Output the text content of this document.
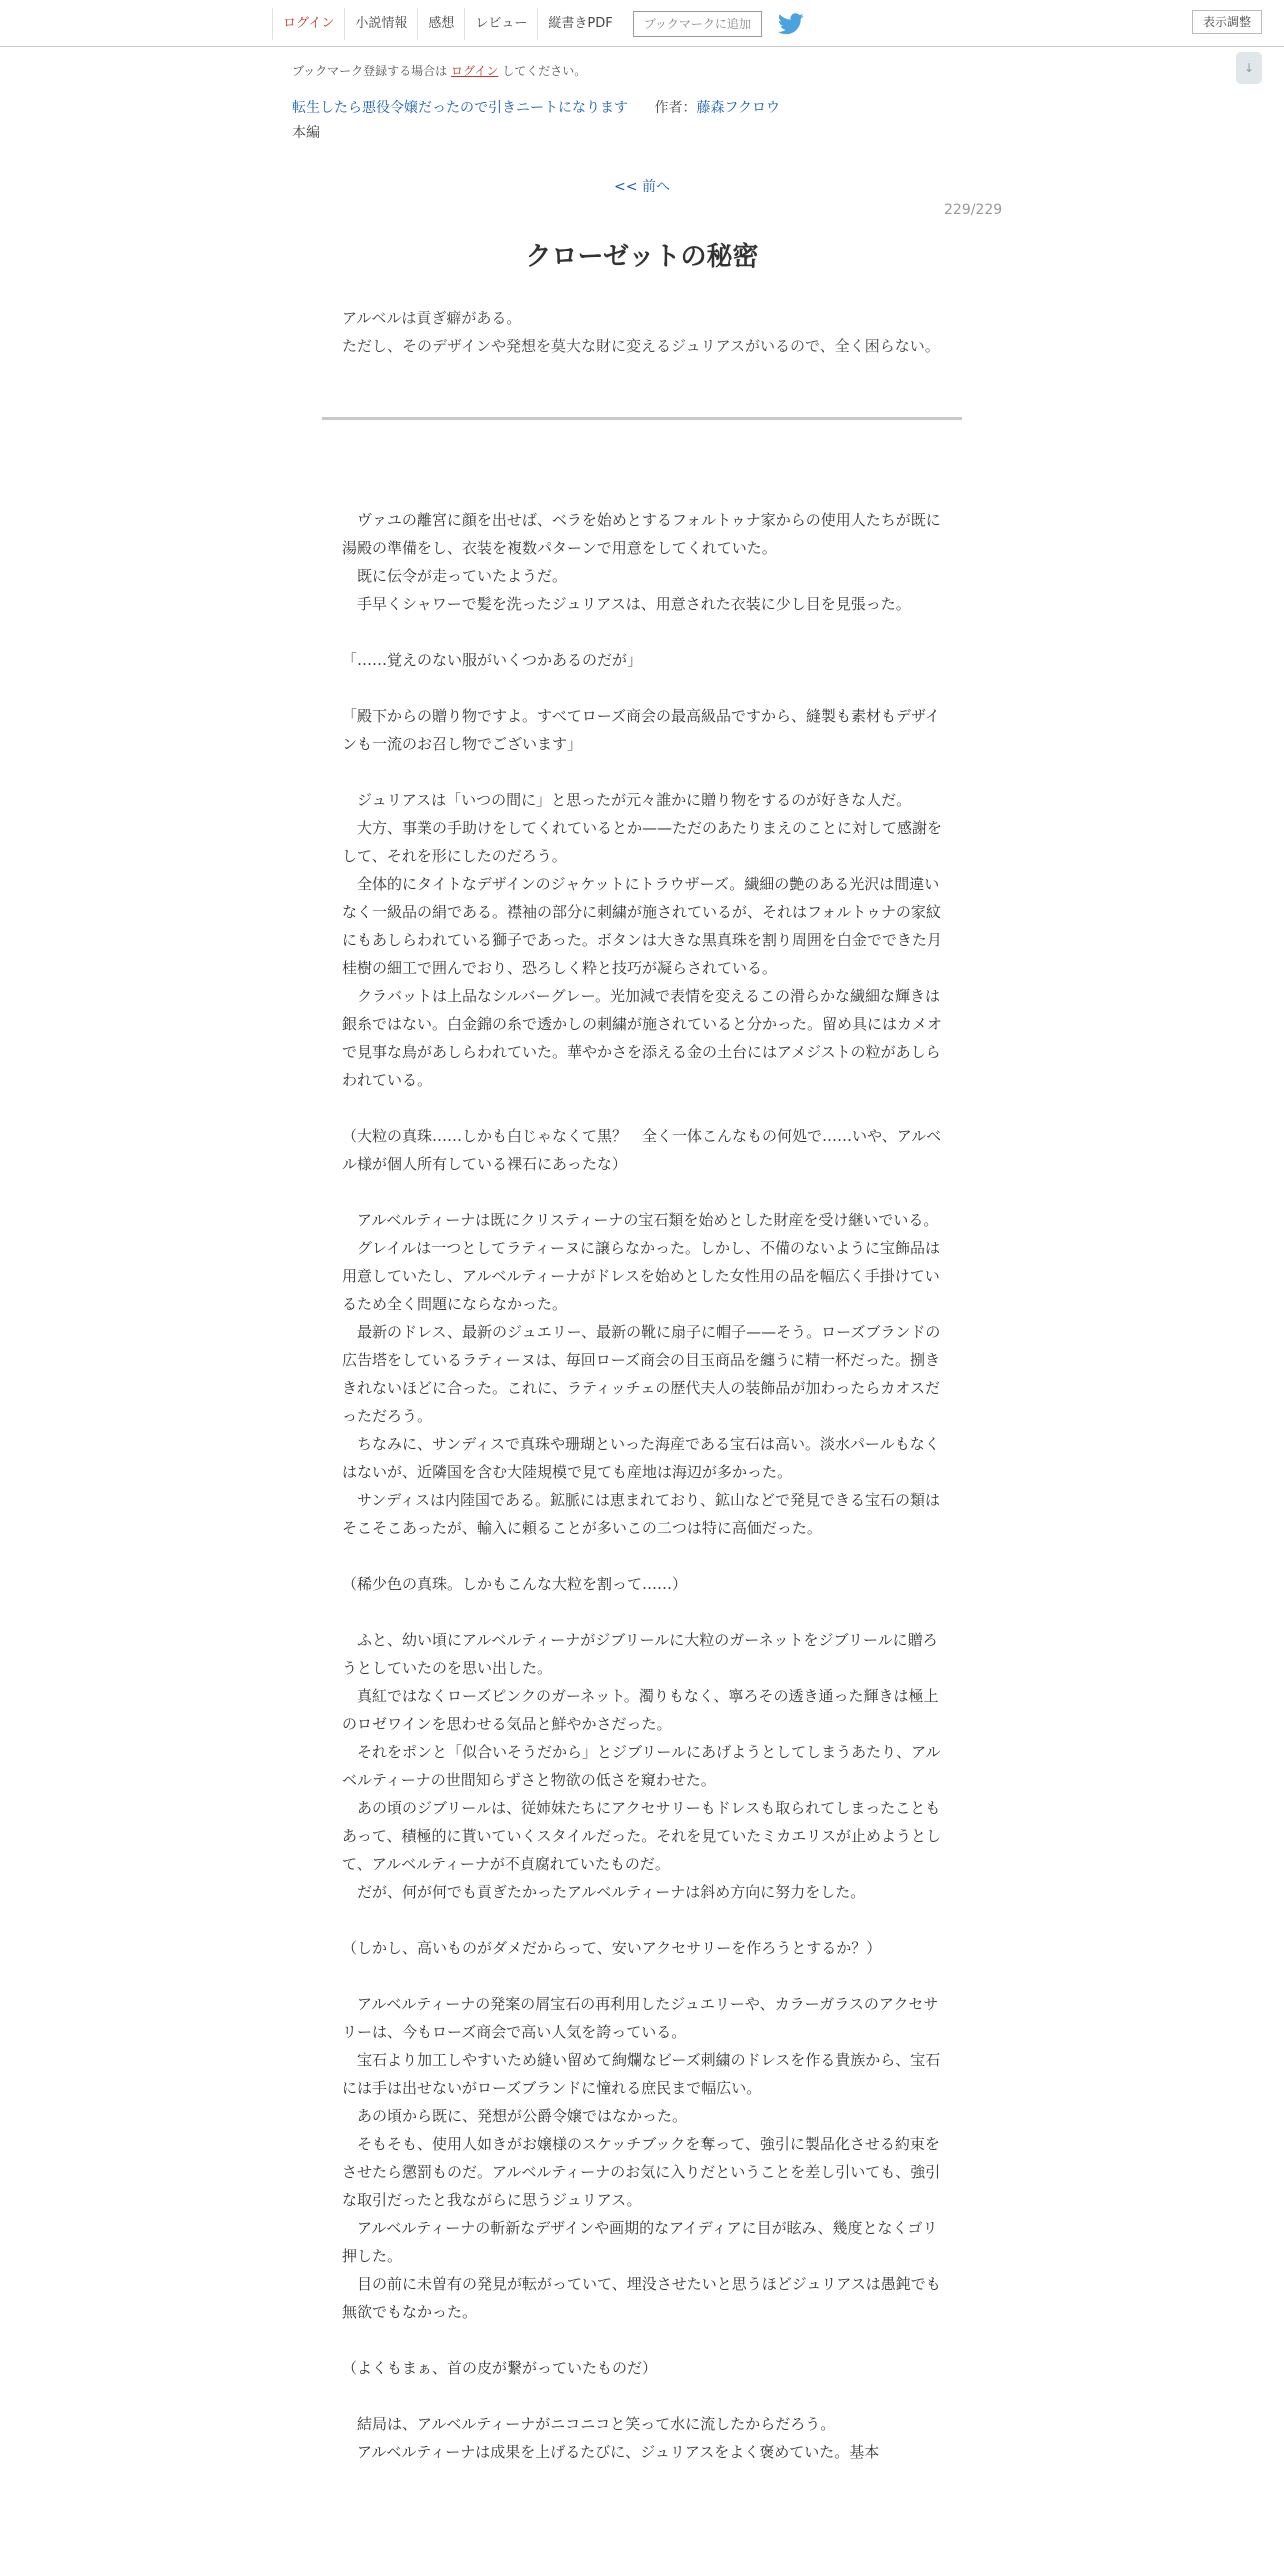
ログイン	小説情報	感想	レビュー	縦書きPDF	ブックマークに追加	表示調整
↓
ブックマーク登録する場合は ログイン してください。
転生したら悪役令嬢だったので引きニートになります 作者：藤森フクロウ
本編
<< 前へ
229/229
クローゼットの秘密

アルベルは貢ぎ癖がある。

ただし、そのデザインや発想を莫大な財に変えるジュリアスがいるので、全く困らない。

　ヴァユの離宮に顔を出せば、ベラを始めとするフォルトゥナ家からの使用人たちが既に湯殿の準備をし、衣装を複数パターンで用意をしてくれていた。

　既に伝令が走っていたようだ。

　手早くシャワーで髪を洗ったジュリアスは、用意された衣装に少し目を見張った。

「……覚えのない服がいくつかあるのだが」

「殿下からの贈り物ですよ。すべてローズ商会の最高級品ですから、縫製も素材もデザインも一流のお召し物でございます」

　ジュリアスは「いつの間に」と思ったが元々誰かに贈り物をするのが好きな人だ。

　大方、事業の手助けをしてくれているとか——ただのあたりまえのことに対して感謝をして、それを形にしたのだろう。

　全体的にタイトなデザインのジャケットにトラウザーズ。繊細の艶のある光沢は間違いなく一級品の絹である。襟袖の部分に刺繍が施されているが、それはフォルトゥナの家紋にもあしらわれている獅子であった。ボタンは大きな黒真珠を割り周囲を白金でできた月桂樹の細工で囲んでおり、恐ろしく粋と技巧が凝らされている。

　クラバットは上品なシルバーグレー。光加減で表情を変えるこの滑らかな繊細な輝きは銀糸ではない。白金錦の糸で透かしの刺繍が施されていると分かった。留め具にはカメオで見事な鳥があしらわれていた。華やかさを添える金の土台にはアメジストの粒があしらわれている。

（大粒の真珠……しかも白じゃなくて黒？　全く一体こんなもの何処で……いや、アルベル様が個人所有している裸石にあったな）

　アルベルティーナは既にクリスティーナの宝石類を始めとした財産を受け継いでいる。

　グレイルは一つとしてラティーヌに譲らなかった。しかし、不備のないように宝飾品は用意していたし、アルベルティーナがドレスを始めとした女性用の品を幅広く手掛けているため全く問題にならなかった。

　最新のドレス、最新のジュエリー、最新の靴に扇子に帽子——そう。ローズブランドの広告塔をしているラティーヌは、毎回ローズ商会の目玉商品を纏うに精一杯だった。捌ききれないほどに合った。これに、ラティッチェの歴代夫人の装飾品が加わったらカオスだっただろう。

　ちなみに、サンディスで真珠や珊瑚といった海産である宝石は高い。淡水パールもなくはないが、近隣国を含む大陸規模で見ても産地は海辺が多かった。

　サンディスは内陸国である。鉱脈には恵まれており、鉱山などで発見できる宝石の類はそこそこあったが、輸入に頼ることが多いこの二つは特に高価だった。

（稀少色の真珠。しかもこんな大粒を割って……）

　ふと、幼い頃にアルベルティーナがジブリールに大粒のガーネットをジブリールに贈ろうとしていたのを思い出した。

　真紅ではなくローズピンクのガーネット。濁りもなく、寧ろその透き通った輝きは極上のロゼワインを思わせる気品と鮮やかさだった。

　それをポンと「似合いそうだから」とジブリールにあげようとしてしまうあたり、アルベルティーナの世間知らずさと物欲の低さを窺わせた。

　あの頃のジブリールは、従姉妹たちにアクセサリーもドレスも取られてしまったこともあって、積極的に貰いていくスタイルだった。それを見ていたミカエリスが止めようとして、アルベルティーナが不貞腐れていたものだ。

　だが、何が何でも貢ぎたかったアルベルティーナは斜め方向に努力をした。

（しかし、高いものがダメだからって、安いアクセサリーを作ろうとするか？）

　アルベルティーナの発案の屑宝石の再利用したジュエリーや、カラーガラスのアクセサリーは、今もローズ商会で高い人気を誇っている。

　宝石より加工しやすいため縫い留めて絢爛なビーズ刺繍のドレスを作る貴族から、宝石には手は出せないがローズブランドに憧れる庶民まで幅広い。

　あの頃から既に、発想が公爵令嬢ではなかった。

　そもそも、使用人如きがお嬢様のスケッチブックを奪って、強引に製品化させる約束をさせたら懲罰ものだ。アルベルティーナのお気に入りだということを差し引いても、強引な取引だったと我ながらに思うジュリアス。

　アルベルティーナの斬新なデザインや画期的なアイディアに目が眩み、幾度となくゴリ押した。

　目の前に未曽有の発見が転がっていて、埋没させたいと思うほどジュリアスは愚鈍でも無欲でもなかった。

（よくもまぁ、首の皮が繋がっていたものだ）

　結局は、アルベルティーナがニコニコと笑って水に流したからだろう。

　アルベルティーナは成果を上げるたびに、ジュリアスをよく褒めていた。基本
